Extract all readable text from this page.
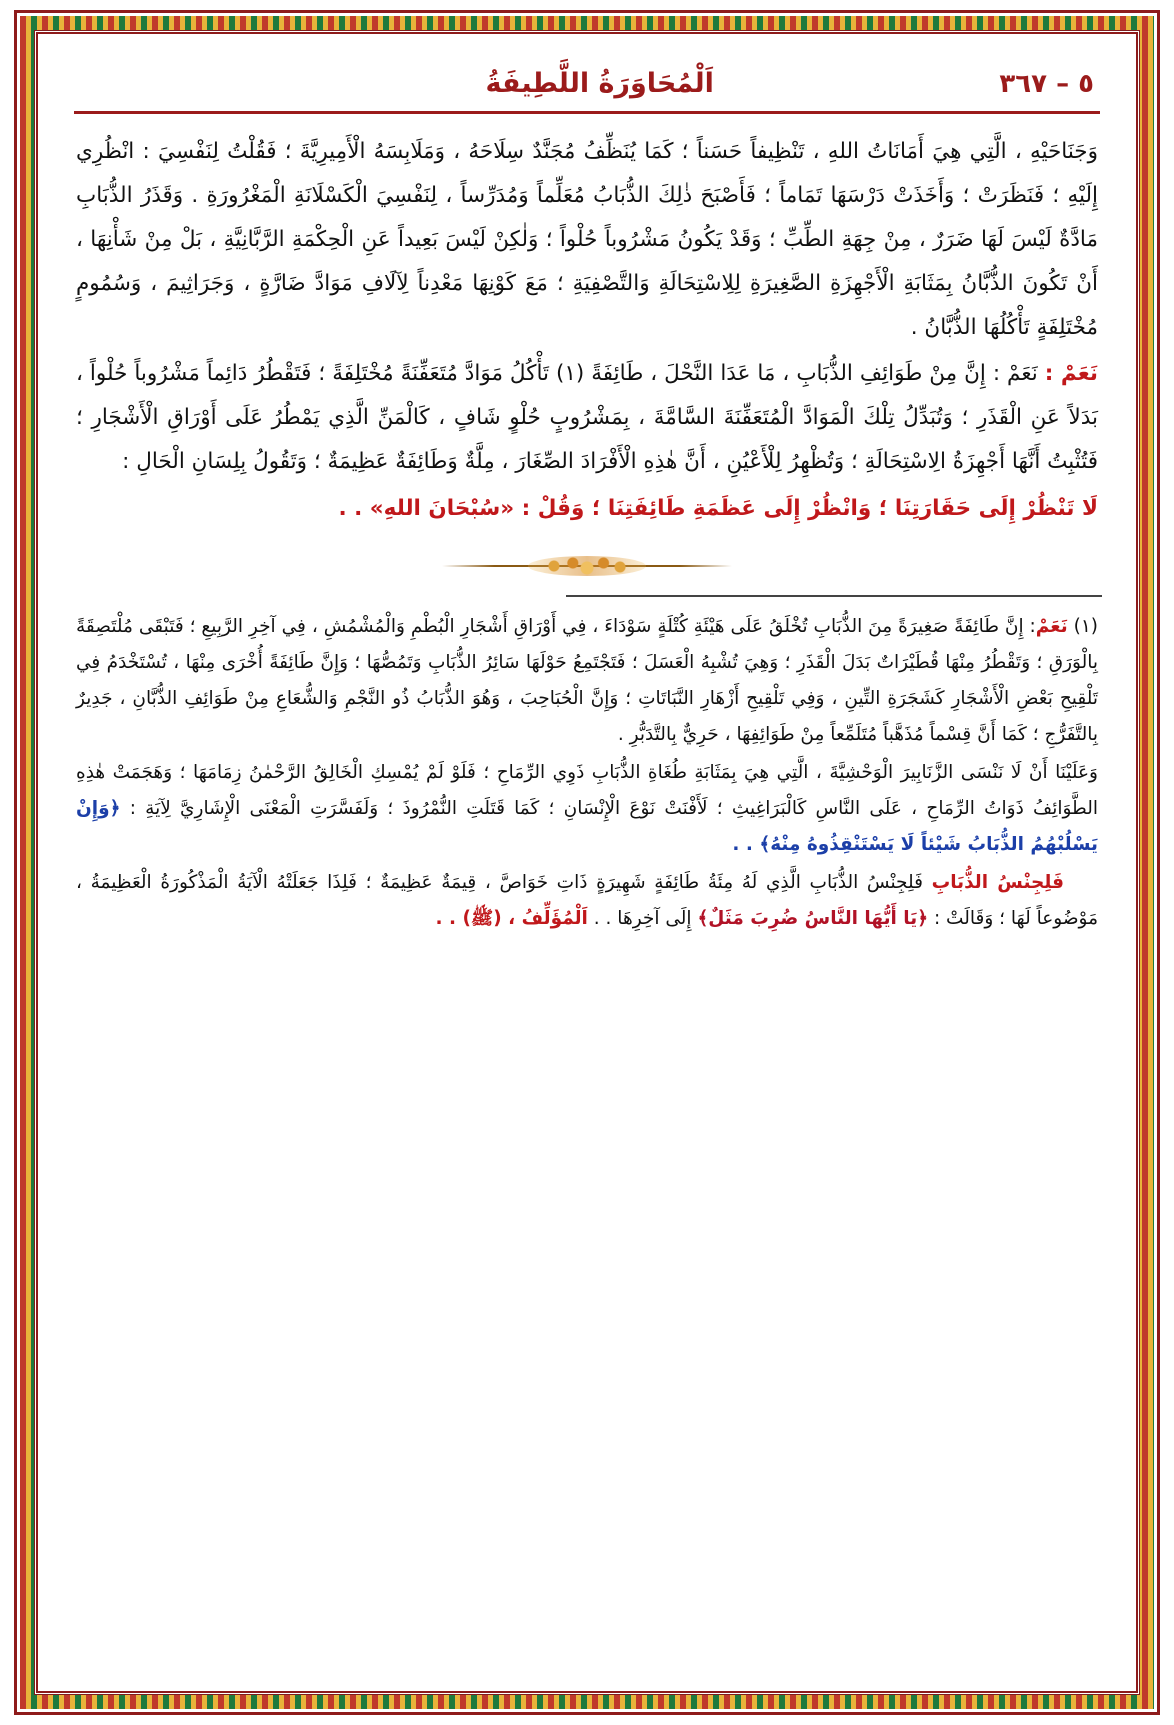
٥ – ٣٦٧
اَلْمُحَاوَرَةُ اللَّطِيفَةُ

وَجَنَاحَيْهِ ، الَّتِي هِيَ أَمَانَاتُ اللهِ ، تَنْظِيفاً حَسَناً ؛ كَمَا يُنَظِّفُ مُجَنَّدٌ سِلَاحَهُ ، وَمَلَابِسَهُ الْأَمِيرِيَّةَ ؛ فَقُلْتُ لِنَفْسِيَ : انْظُرِي إِلَيْهِ ؛ فَنَظَرَتْ ؛ وَأَخَذَتْ دَرْسَهَا تَمَاماً ؛ فَأَصْبَحَ ذٰلِكَ الذُّبَابُ مُعَلِّماً وَمُدَرِّساً ، لِنَفْسِيَ الْكَسْلَانَةِ الْمَغْرُورَةِ . وَقَذَرُ الذُّبَابِ مَادَّةٌ لَيْسَ لَهَا ضَرَرٌ ، مِنْ جِهَةِ الطِّبِّ ؛ وَقَدْ يَكُونُ مَشْرُوباً حُلْواً ؛ وَلٰكِنْ لَيْسَ بَعِيداً عَنِ الْحِكْمَةِ الرَّبَّانِيَّةِ ، بَلْ مِنْ شَأْنِهَا ، أَنْ تَكُونَ الذُّبَّانُ بِمَثَابَةِ الْأَجْهِزَةِ الصَّغِيرَةِ لِلِاسْتِحَالَةِ وَالتَّصْفِيَةِ ؛ مَعَ كَوْنِهَا مَعْدِناً لِآلَافِ مَوَادَّ ضَارَّةٍ ، وَجَرَاثِيمَ ، وَسُمُومٍ مُخْتَلِفَةٍ تَأْكُلُهَا الذُّبَّانُ .

نَعَمْ : نَعَمْ : إِنَّ مِنْ طَوَائِفِ الذُّبَابِ ، مَا عَدَا النَّحْلَ ، طَائِفَةً (١) تَأْكُلُ مَوَادَّ مُتَعَفِّنَةً مُخْتَلِفَةً ؛ فَتَقْطُرُ دَائِماً مَشْرُوباً حُلْواً ، بَدَلاً عَنِ الْقَذَرِ ؛ وَتُبَدِّلُ تِلْكَ الْمَوَادَّ الْمُتَعَفِّنَةَ السَّامَّةَ ، بِمَشْرُوبٍ حُلْوٍ شَافٍ ، كَالْمَنِّ الَّذِي يَمْطُرُ عَلَى أَوْرَاقِ الْأَشْجَارِ ؛ فَتُثْبِتُ أَنَّهَا أَجْهِزَةُ الِاسْتِحَالَةِ ؛ وَتُظْهِرُ لِلْأَعْيُنِ ، أَنَّ هٰذِهِ الْأَفْرَادَ الصِّغَارَ ، مِلَّةٌ وَطَائِفَةٌ عَظِيمَةٌ ؛ وَتَقُولُ بِلِسَانِ الْحَالِ :

لَا تَنْظُرْ إِلَى حَقَارَتِنَا ؛ وَانْظُرْ إِلَى عَظَمَةِ طَائِفَتِنَا ؛ وَقُلْ : «سُبْحَانَ اللهِ» . .

(١) نَعَمْ: إِنَّ طَائِفَةً صَغِيرَةً مِنَ الذُّبَابِ تُخْلَقُ عَلَى هَيْئَةِ كُتْلَةٍ سَوْدَاءَ ، فِي أَوْرَاقِ أَشْجَارِ الْبُطْمِ وَالْمُشْمُشِ ، فِي آخِرِ الرَّبِيعِ ؛ فَتَبْقَى مُلْتَصِقَةً بِالْوَرَقِ ؛ وَتَقْطُرُ مِنْهَا قُطَيْرَاتٌ بَدَلَ الْقَذَرِ ؛ وَهِيَ تُشْبِهُ الْعَسَلَ ؛ فَتَجْتَمِعُ حَوْلَهَا سَائِرُ الذُّبَابِ وَتَمُصُّهَا ؛ وَإِنَّ طَائِفَةً أُخْرَى مِنْهَا ، تُسْتَخْدَمُ فِي تَلْقِيحِ بَعْضِ الْأَشْجَارِ كَشَجَرَةِ التِّينِ ، وَفِي تَلْقِيحِ أَزْهَارِ النَّبَاتَاتِ ؛ وَإِنَّ الْحُبَاحِبَ ، وَهُوَ الذُّبَابُ ذُو النَّجْمِ وَالشُّعَاعِ مِنْ طَوَائِفِ الذُّبَّانِ ، جَدِيرٌ بِالتَّفَرُّجِ ؛ كَمَا أَنَّ قِسْماً مُذَهَّباً مُتَلَمِّعاً مِنْ طَوَائِفِهَا ، حَرِيٌّ بِالتَّدَبُّرِ .

وَعَلَيْنَا أَنْ لَا نَنْسَى الزَّنَابِيرَ الْوَحْشِيَّةَ ، الَّتِي هِيَ بِمَثَابَةِ طُغَاةِ الذُّبَابِ ذَوِي الرِّمَاحِ ؛ فَلَوْ لَمْ يُمْسِكِ الْخَالِقُ الرَّحْمٰنُ زِمَامَهَا ؛ وَهَجَمَتْ هٰذِهِ الطَّوَائِفُ ذَوَاتُ الرِّمَاحِ ، عَلَى النَّاسِ كَالْبَرَاغِيثِ ؛ لَأَفْنَتْ نَوْعَ الْإِنْسَانِ ؛ كَمَا قَتَلَتِ النُّمْرُوذَ ؛ وَلَفَسَّرَتِ الْمَعْنَى الْإِشَارِيَّ لِآيَةِ : ﴿وَإِنْ يَسْلُبْهُمُ الذُّبَابُ شَيْئاً لَا يَسْتَنْقِذُوهُ مِنْهُ﴾ . .

فَلِجِنْسُ الذُّبَابِ فَلِجِنْسُ الذُّبَابِ الَّذِي لَهُ مِئَةُ طَائِفَةٍ شَهِيرَةٍ ذَاتِ خَوَاصَّ ، قِيمَةٌ عَظِيمَةٌ ؛ فَلِذَا جَعَلَتْهُ الْآيَةُ الْمَذْكُورَةُ الْعَظِيمَةُ ، مَوْضُوعاً لَهَا ؛ وَقَالَتْ : ﴿يَا أَيُّهَا النَّاسُ ضُرِبَ مَثَلٌ﴾ إِلَى آخِرِهَا . . اَلْمُؤَلِّفُ ، (ﷺ) . .
